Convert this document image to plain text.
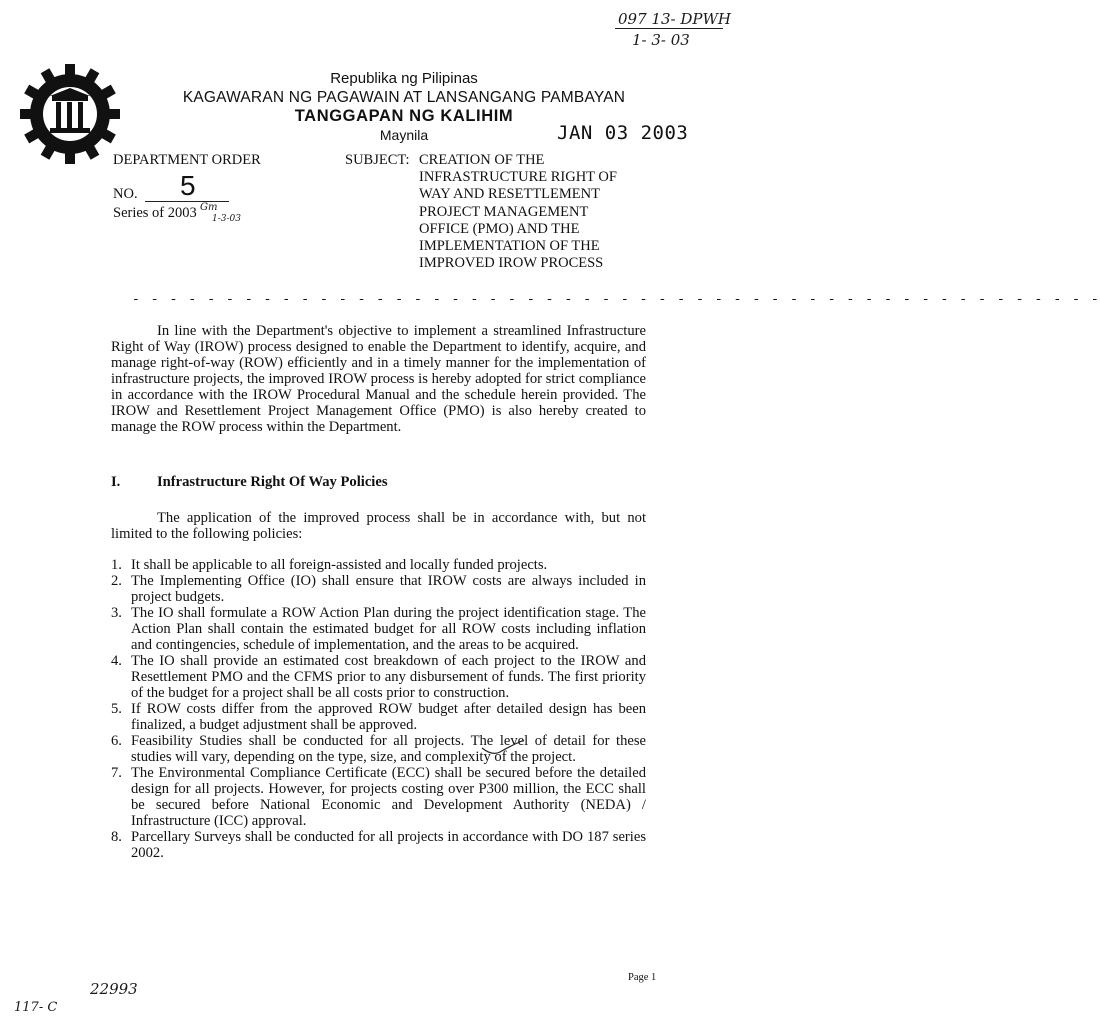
097 13- DPWH
1- 3- 03
Republika ng Pilipinas
KAGAWARAN NG PAGAWAIN AT LANSANGANG PAMBAYAN
TANGGAPAN NG KALIHIM
Maynila	JAN 03 2003
DEPARTMENT ORDER
NO. 5
Series of 2003 Gm
1-3-03
SUBJECT: CREATION OF THE
INFRASTRUCTURE RIGHT OF
WAY AND RESETTLEMENT
PROJECT MANAGEMENT
OFFICE (PMO) AND THE
IMPLEMENTATION OF THE
IMPROVED IROW PROCESS
- - - - - - - - - - - - - - - - - - - - - - - - - - - - - - - - - - - - - - - - - - - - - - - - - - - -
In line with the Department's objective to implement a streamlined Infrastructure Right of Way (IROW) process designed to enable the Department to identify, acquire, and manage right-of-way (ROW) efficiently and in a timely manner for the implementation of infrastructure projects, the improved IROW process is hereby adopted for strict compliance in accordance with the IROW Procedural Manual and the schedule herein provided. The IROW and Resettlement Project Management Office (PMO) is also hereby created to manage the ROW process within the Department.
I.	Infrastructure Right Of Way Policies
The application of the improved process shall be in accordance with, but not limited to the following policies:
1. It shall be applicable to all foreign-assisted and locally funded projects.
2. The Implementing Office (IO) shall ensure that IROW costs are always included in project budgets.
3. The IO shall formulate a ROW Action Plan during the project identification stage. The Action Plan shall contain the estimated budget for all ROW costs including inflation and contingencies, schedule of implementation, and the areas to be acquired.
4. The IO shall provide an estimated cost breakdown of each project to the IROW and Resettlement PMO and the CFMS prior to any disbursement of funds. The first priority of the budget for a project shall be all costs prior to construction.
5. If ROW costs differ from the approved ROW budget after detailed design has been finalized, a budget adjustment shall be approved.
6. Feasibility Studies shall be conducted for all projects. The level of detail for these studies will vary, depending on the type, size, and complexity of the project.
7. The Environmental Compliance Certificate (ECC) shall be secured before the detailed design for all projects. However, for projects costing over P300 million, the ECC shall be secured before National Economic and Development Authority (NEDA) / Infrastructure (ICC) approval.
8. Parcellary Surveys shall be conducted for all projects in accordance with DO 187 series 2002.
Page 1
22993
117- C
